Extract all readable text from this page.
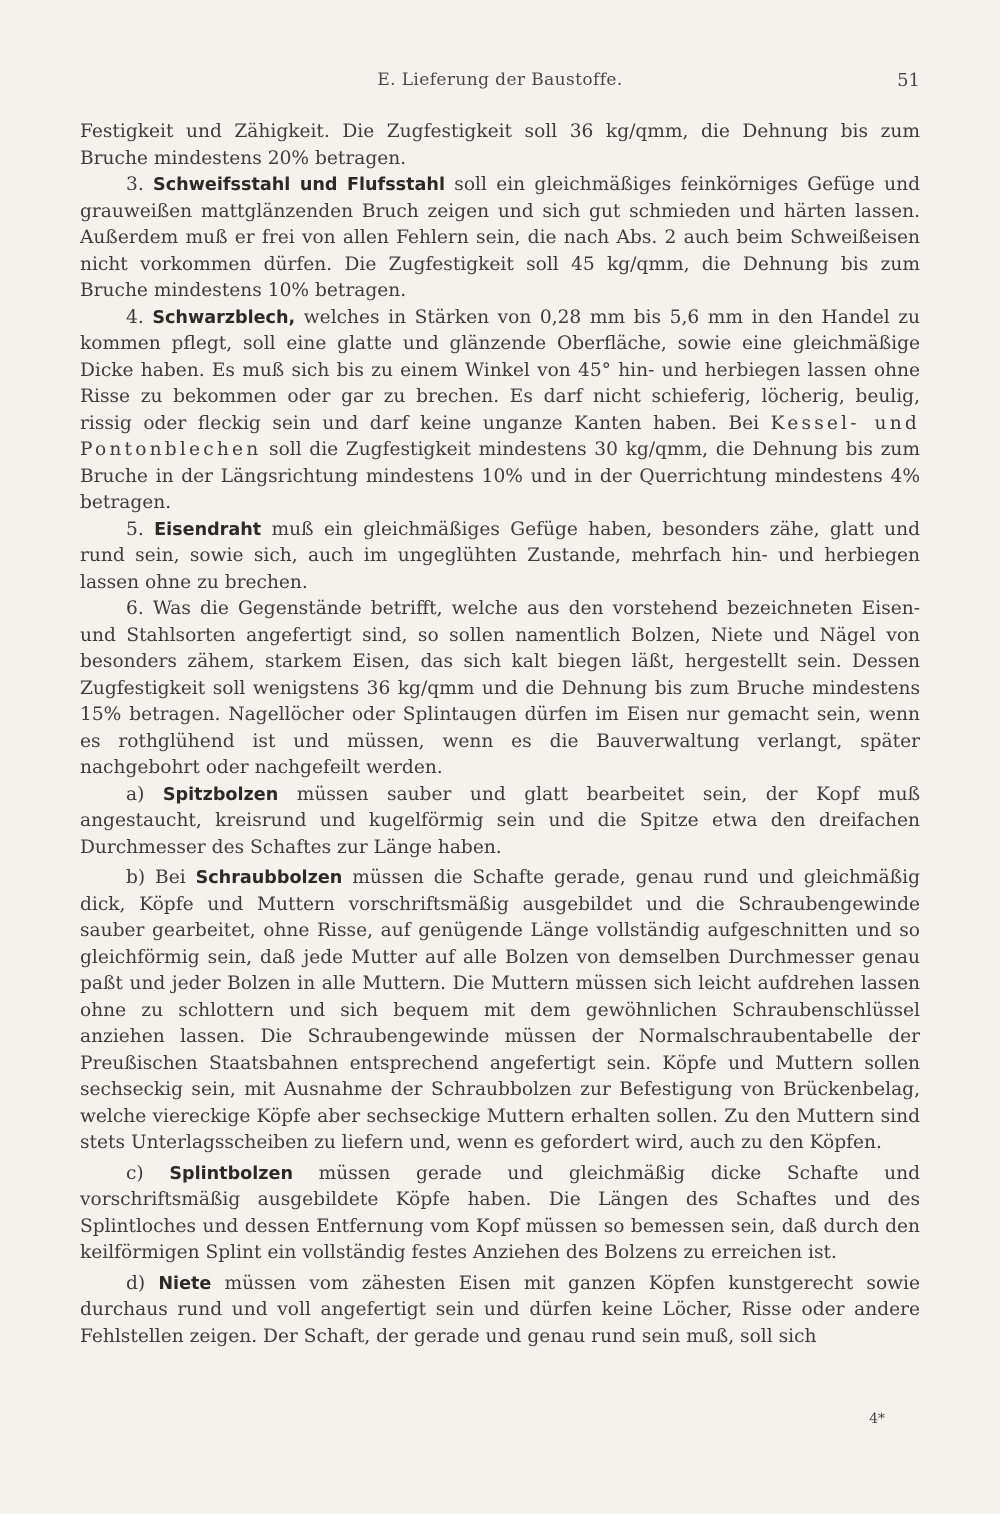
E. Lieferung der Baustoffe.	51

Festigkeit und Zähigkeit. Die Zugfestigkeit soll 36 kg/qmm, die Dehnung bis zum Bruche mindestens 20% betragen.

3. Schweifsstahl und Flufsstahl soll ein gleichmäßiges feinkörniges Gefüge und grauweißen mattglänzenden Bruch zeigen und sich gut schmieden und härten lassen. Außerdem muß er frei von allen Fehlern sein, die nach Abs. 2 auch beim Schweißeisen nicht vorkommen dürfen. Die Zugfestigkeit soll 45 kg/qmm, die Dehnung bis zum Bruche mindestens 10% betragen.

4. Schwarzblech, welches in Stärken von 0,28 mm bis 5,6 mm in den Handel zu kommen pflegt, soll eine glatte und glänzende Oberfläche, sowie eine gleichmäßige Dicke haben. Es muß sich bis zu einem Winkel von 45° hin- und herbiegen lassen ohne Risse zu bekommen oder gar zu brechen. Es darf nicht schieferig, löcherig, beulig, rissig oder fleckig sein und darf keine unganze Kanten haben. Bei Kessel- und Pontonblechen soll die Zugfestigkeit mindestens 30 kg/qmm, die Dehnung bis zum Bruche in der Längsrichtung mindestens 10% und in der Querrichtung mindestens 4% betragen.

5. Eisendraht muß ein gleichmäßiges Gefüge haben, besonders zähe, glatt und rund sein, sowie sich, auch im ungeglühten Zustande, mehrfach hin- und herbiegen lassen ohne zu brechen.

6. Was die Gegenstände betrifft, welche aus den vorstehend bezeichneten Eisen- und Stahlsorten angefertigt sind, so sollen namentlich Bolzen, Niete und Nägel von besonders zähem, starkem Eisen, das sich kalt biegen läßt, hergestellt sein. Dessen Zugfestigkeit soll wenigstens 36 kg/qmm und die Dehnung bis zum Bruche mindestens 15% betragen. Nagellöcher oder Splintaugen dürfen im Eisen nur gemacht sein, wenn es rothglühend ist und müssen, wenn es die Bauverwaltung verlangt, später nachgebohrt oder nachgefeilt werden.

a) Spitzbolzen müssen sauber und glatt bearbeitet sein, der Kopf muß angestaucht, kreisrund und kugelförmig sein und die Spitze etwa den dreifachen Durchmesser des Schaftes zur Länge haben.

b) Bei Schraubbolzen müssen die Schafte gerade, genau rund und gleichmäßig dick, Köpfe und Muttern vorschriftsmäßig ausgebildet und die Schraubengewinde sauber gearbeitet, ohne Risse, auf genügende Länge vollständig aufgeschnitten und so gleichförmig sein, daß jede Mutter auf alle Bolzen von demselben Durchmesser genau paßt und jeder Bolzen in alle Muttern. Die Muttern müssen sich leicht aufdrehen lassen ohne zu schlottern und sich bequem mit dem gewöhnlichen Schraubenschlüssel anziehen lassen. Die Schraubengewinde müssen der Normalschraubentabelle der Preußischen Staatsbahnen entsprechend angefertigt sein. Köpfe und Muttern sollen sechseckig sein, mit Ausnahme der Schraubbolzen zur Befestigung von Brückenbelag, welche viereckige Köpfe aber sechseckige Muttern erhalten sollen. Zu den Muttern sind stets Unterlagsscheiben zu liefern und, wenn es gefordert wird, auch zu den Köpfen.

c) Splintbolzen müssen gerade und gleichmäßig dicke Schafte und vorschriftsmäßig ausgebildete Köpfe haben. Die Längen des Schaftes und des Splintloches und dessen Entfernung vom Kopf müssen so bemessen sein, daß durch den keilförmigen Splint ein vollständig festes Anziehen des Bolzens zu erreichen ist.

d) Niete müssen vom zähesten Eisen mit ganzen Köpfen kunstgerecht sowie durchaus rund und voll angefertigt sein und dürfen keine Löcher, Risse oder andere Fehlstellen zeigen. Der Schaft, der gerade und genau rund sein muß, soll sich

4*
